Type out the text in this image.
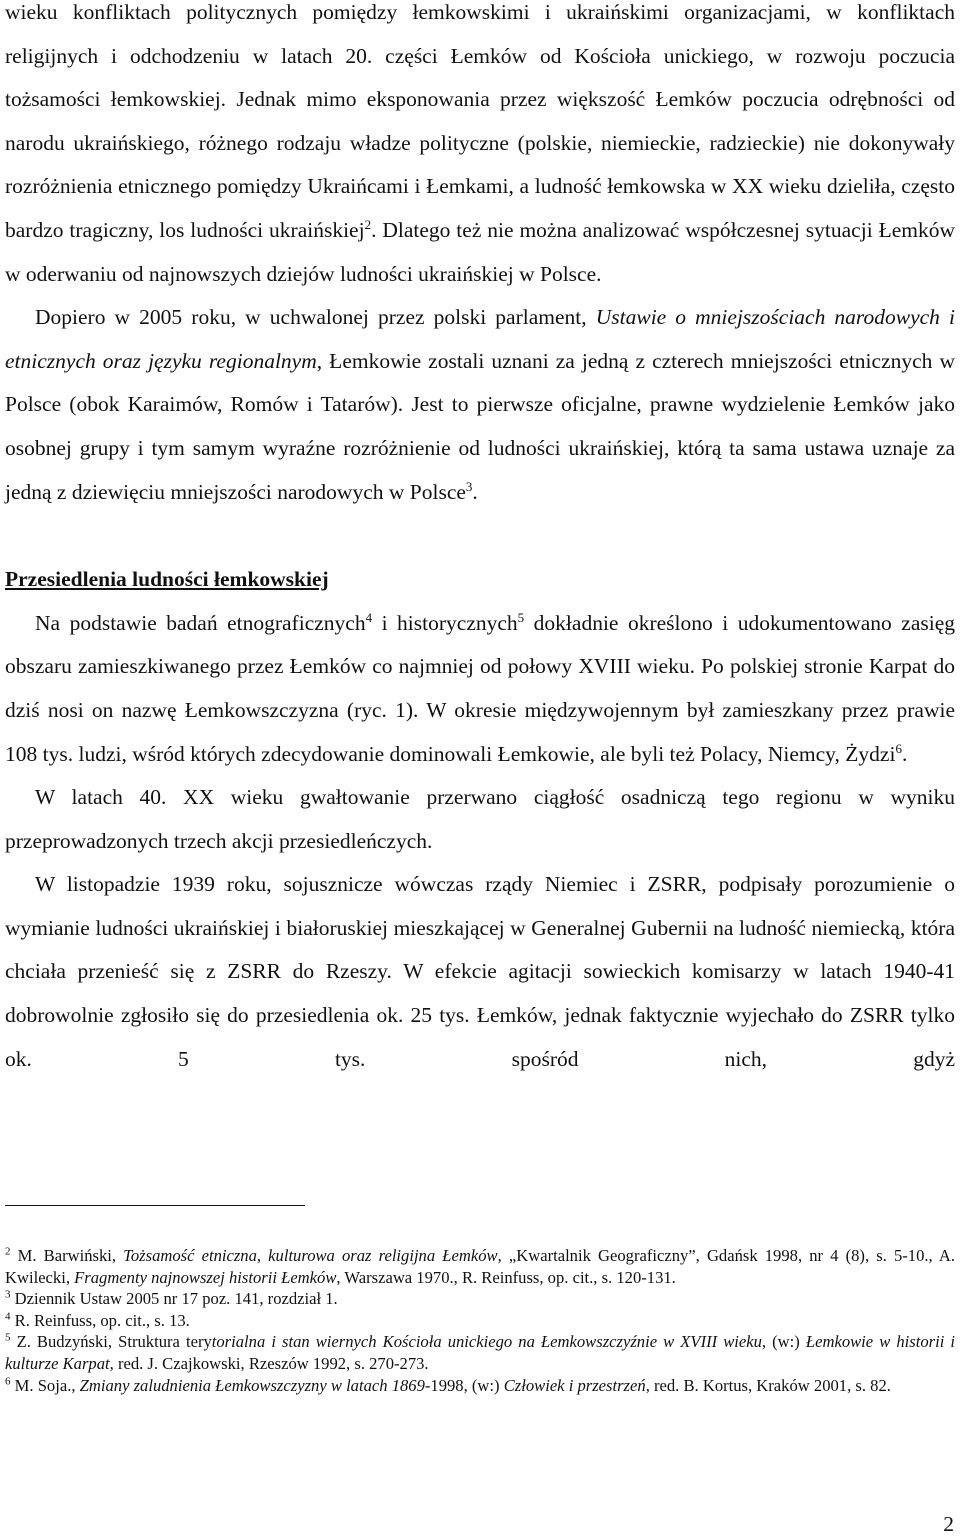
wieku konfliktach politycznych pomiędzy łemkowskimi i ukraińskimi organizacjami, w konfliktach religijnych i odchodzeniu w latach 20. części Łemków od Kościoła unickiego, w rozwoju poczucia tożsamości łemkowskiej. Jednak mimo eksponowania przez większość Łemków poczucia odrębności od narodu ukraińskiego, różnego rodzaju władze polityczne (polskie, niemieckie, radzieckie) nie dokonywały rozróżnienia etnicznego pomiędzy Ukraińcami i Łemkami, a ludność łemkowska w XX wieku dzieliła, często bardzo tragiczny, los ludności ukraińskiej$^2$. Dlatego też nie można analizować współczesnej sytuacji Łemków w oderwaniu od najnowszych dziejów ludności ukraińskiej w Polsce.

Dopiero w 2005 roku, w uchwalonej przez polski parlament, Ustawie o mniejszościach narodowych i etnicznych oraz języku regionalnym, Łemkowie zostali uznani za jedną z czterech mniejszości etnicznych w Polsce (obok Karaimów, Romów i Tatarów). Jest to pierwsze oficjalne, prawne wydzielenie Łemków jako osobnej grupy i tym samym wyraźne rozróżnienie od ludności ukraińskiej, którą ta sama ustawa uznaje za jedną z dziewięciu mniejszości narodowych w Polsce$^3$.

Przesiedlenia ludności łemkowskiej

Na podstawie badań etnograficznych$^4$ i historycznych$^5$ dokładnie określono i udokumentowano zasięg obszaru zamieszkiwanego przez Łemków co najmniej od połowy XVIII wieku. Po polskiej stronie Karpat do dziś nosi on nazwę Łemkowszczyzna (ryc. 1). W okresie międzywojennym był zamieszkany przez prawie 108 tys. ludzi, wśród których zdecydowanie dominowali Łemkowie, ale byli też Polacy, Niemcy, Żydzi$^6$.

W latach 40. XX wieku gwałtowanie przerwano ciągłość osadniczą tego regionu w wyniku przeprowadzonych trzech akcji przesiedleńczych.

W listopadzie 1939 roku, sojusznicze wówczas rządy Niemiec i ZSRR, podpisały porozumienie o wymianie ludności ukraińskiej i białoruskiej mieszkającej w Generalnej Gubernii na ludność niemiecką, która chciała przenieść się z ZSRR do Rzeszy. W efekcie agitacji sowieckich komisarzy w latach 1940-41 dobrowolnie zgłosiło się do przesiedlenia ok. 25 tys. Łemków, jednak faktycznie wyjechało do ZSRR tylko ok. 5 tys. spośród nich, gdyż

$^2$ M. Barwiński, Tożsamość etniczna, kulturowa oraz religijna Łemków, „Kwartalnik Geograficzny”, Gdańsk 1998, nr 4 (8), s. 5-10., A. Kwilecki, Fragmenty najnowszej historii Łemków, Warszawa 1970., R. Reinfuss, op. cit., s. 120-131.

$^3$ Dziennik Ustaw 2005 nr 17 poz. 141, rozdział 1.

$^4$ R. Reinfuss, op. cit., s. 13.

$^5$ Z. Budzyński, Struktura terytorialna i stan wiernych Kościoła unickiego na Łemkowszczyźnie w XVIII wieku, (w:) Łemkowie w historii i kulturze Karpat, red. J. Czajkowski, Rzeszów 1992, s. 270-273.

$^6$ M. Soja., Zmiany zaludnienia Łemkowszczyzny w latach 1869-1998, (w:) Człowiek i przestrzeń, red. B. Kortus, Kraków 2001, s. 82.

2
